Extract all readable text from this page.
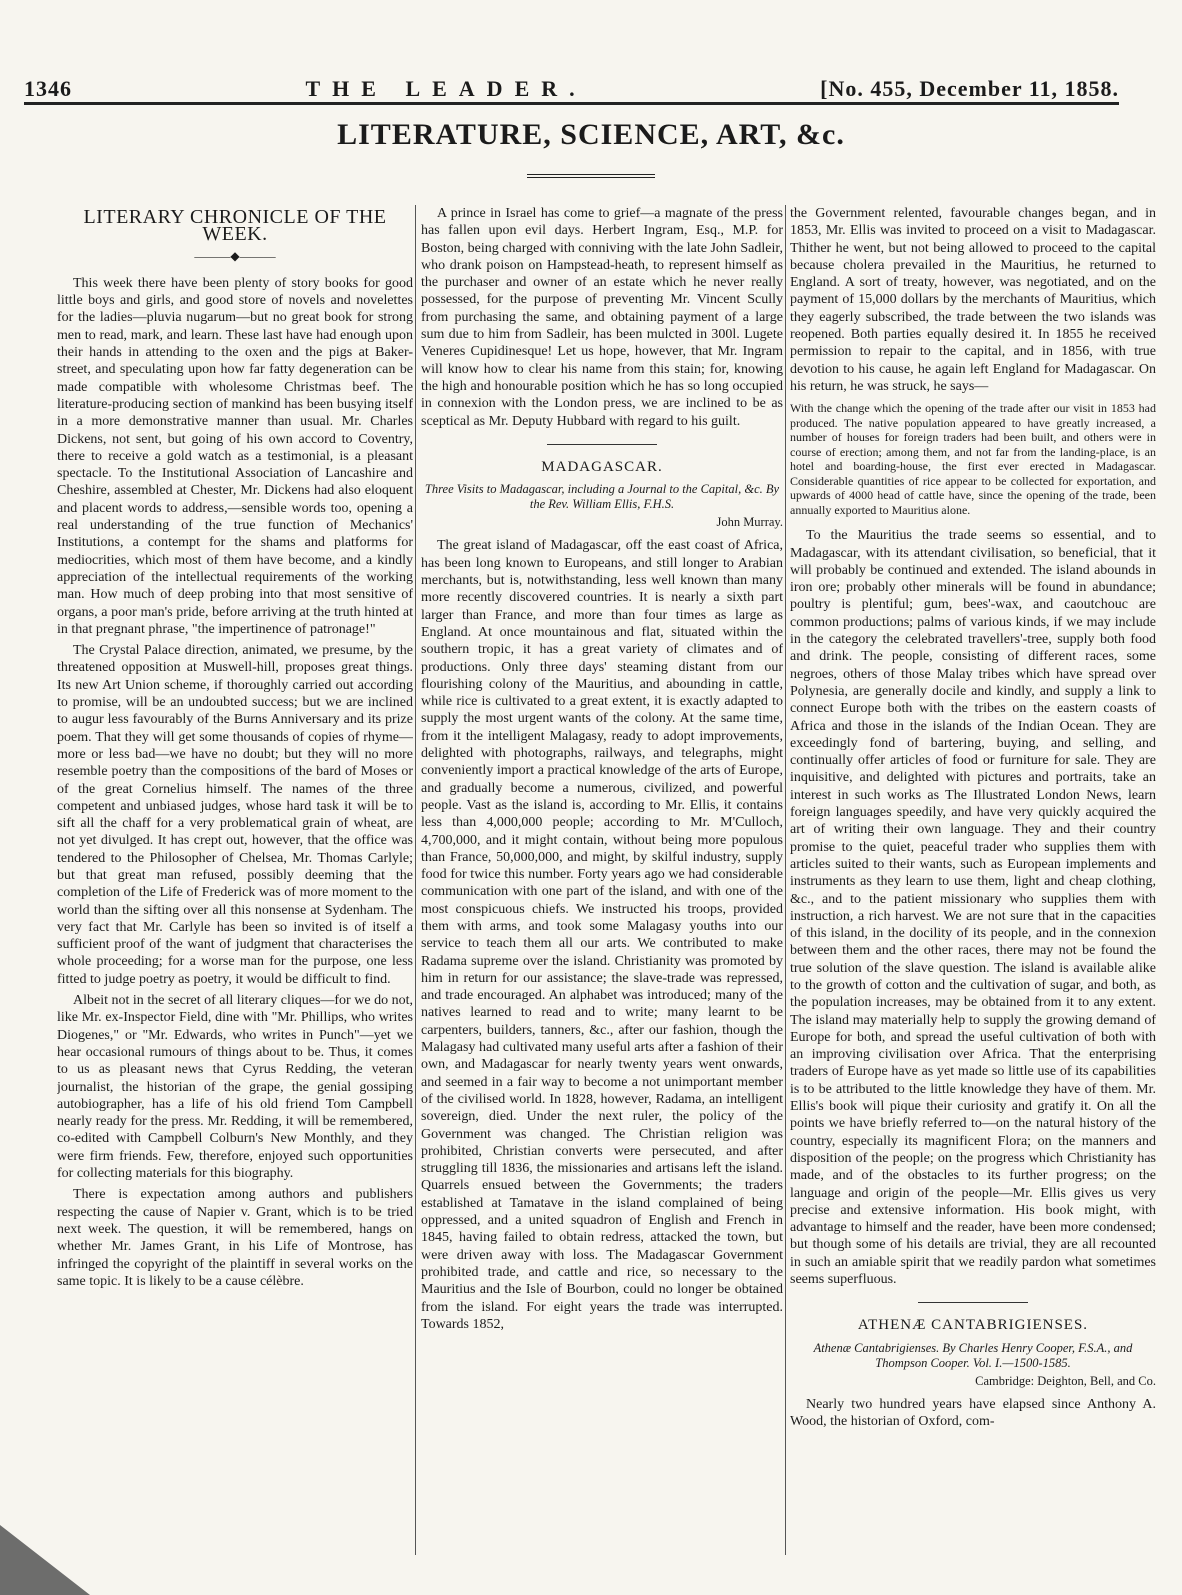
1346	THE LEADER.	[No. 455, December 11, 1858.
LITERATURE, SCIENCE, ART, &c.
LITERARY CHRONICLE OF THE WEEK.
———◆———

This week there have been plenty of story books for good little boys and girls, and good store of novels and novelettes for the ladies—pluvia nugarum—but no great book for strong men to read, mark, and learn. These last have had enough upon their hands in attending to the oxen and the pigs at Baker-street, and speculating upon how far fatty degeneration can be made compatible with wholesome Christmas beef. The literature-producing section of mankind has been busying itself in a more demonstrative manner than usual. Mr. Charles Dickens, not sent, but going of his own accord to Coventry, there to receive a gold watch as a testimonial, is a pleasant spectacle. To the Institutional Association of Lancashire and Cheshire, assembled at Chester, Mr. Dickens had also eloquent and placent words to address,—sensible words too, opening a real understanding of the true function of Mechanics' Institutions, a contempt for the shams and platforms for mediocrities, which most of them have become, and a kindly appreciation of the intellectual requirements of the working man. How much of deep probing into that most sensitive of organs, a poor man's pride, before arriving at the truth hinted at in that pregnant phrase, "the impertinence of patronage!"

The Crystal Palace direction, animated, we presume, by the threatened opposition at Muswell-hill, proposes great things. Its new Art Union scheme, if thoroughly carried out according to promise, will be an undoubted success; but we are inclined to augur less favourably of the Burns Anniversary and its prize poem. That they will get some thousands of copies of rhyme—more or less bad—we have no doubt; but they will no more resemble poetry than the compositions of the bard of Moses or of the great Cornelius himself. The names of the three competent and unbiased judges, whose hard task it will be to sift all the chaff for a very problematical grain of wheat, are not yet divulged. It has crept out, however, that the office was tendered to the Philosopher of Chelsea, Mr. Thomas Carlyle; but that great man refused, possibly deeming that the completion of the Life of Frederick was of more moment to the world than the sifting over all this nonsense at Sydenham. The very fact that Mr. Carlyle has been so invited is of itself a sufficient proof of the want of judgment that characterises the whole proceeding; for a worse man for the purpose, one less fitted to judge poetry as poetry, it would be difficult to find.

Albeit not in the secret of all literary cliques—for we do not, like Mr. ex-Inspector Field, dine with "Mr. Phillips, who writes Diogenes," or "Mr. Edwards, who writes in Punch"—yet we hear occasional rumours of things about to be. Thus, it comes to us as pleasant news that Cyrus Redding, the veteran journalist, the historian of the grape, the genial gossiping autobiographer, has a life of his old friend Tom Campbell nearly ready for the press. Mr. Redding, it will be remembered, co-edited with Campbell Colburn's New Monthly, and they were firm friends. Few, therefore, enjoyed such opportunities for collecting materials for this biography.

There is expectation among authors and publishers respecting the cause of Napier v. Grant, which is to be tried next week. The question, it will be remembered, hangs on whether Mr. James Grant, in his Life of Montrose, has infringed the copyright of the plaintiff in several works on the same topic. It is likely to be a cause célèbre.

A prince in Israel has come to grief—a magnate of the press has fallen upon evil days. Herbert Ingram, Esq., M.P. for Boston, being charged with conniving with the late John Sadleir, who drank poison on Hampstead-heath, to represent himself as the purchaser and owner of an estate which he never really possessed, for the purpose of preventing Mr. Vincent Scully from purchasing the same, and obtaining payment of a large sum due to him from Sadleir, has been mulcted in 300l. Lugete Veneres Cupidinesque! Let us hope, however, that Mr. Ingram will know how to clear his name from this stain; for, knowing the high and honourable position which he has so long occupied in connexion with the London press, we are inclined to be as sceptical as Mr. Deputy Hubbard with regard to his guilt.

MADAGASCAR.
Three Visits to Madagascar, including a Journal to the Capital, &c. By the Rev. William Ellis, F.H.S.
John Murray.

The great island of Madagascar, off the east coast of Africa, has been long known to Europeans, and still longer to Arabian merchants, but is, notwithstanding, less well known than many more recently discovered countries. It is nearly a sixth part larger than France, and more than four times as large as England. At once mountainous and flat, situated within the southern tropic, it has a great variety of climates and of productions. Only three days' steaming distant from our flourishing colony of the Mauritius, and abounding in cattle, while rice is cultivated to a great extent, it is exactly adapted to supply the most urgent wants of the colony. At the same time, from it the intelligent Malagasy, ready to adopt improvements, delighted with photographs, railways, and telegraphs, might conveniently import a practical knowledge of the arts of Europe, and gradually become a numerous, civilized, and powerful people. Vast as the island is, according to Mr. Ellis, it contains less than 4,000,000 people; according to Mr. M'Culloch, 4,700,000, and it might contain, without being more populous than France, 50,000,000, and might, by skilful industry, supply food for twice this number. Forty years ago we had considerable communication with one part of the island, and with one of the most conspicuous chiefs. We instructed his troops, provided them with arms, and took some Malagasy youths into our service to teach them all our arts. We contributed to make Radama supreme over the island. Christianity was promoted by him in return for our assistance; the slave-trade was repressed, and trade encouraged. An alphabet was introduced; many of the natives learned to read and to write; many learnt to be carpenters, builders, tanners, &c., after our fashion, though the Malagasy had cultivated many useful arts after a fashion of their own, and Madagascar for nearly twenty years went onwards, and seemed in a fair way to become a not unimportant member of the civilised world. In 1828, however, Radama, an intelligent sovereign, died. Under the next ruler, the policy of the Government was changed. The Christian religion was prohibited, Christian converts were persecuted, and after struggling till 1836, the missionaries and artisans left the island. Quarrels ensued between the Governments; the traders established at Tamatave in the island complained of being oppressed, and a united squadron of English and French in 1845, having failed to obtain redress, attacked the town, but were driven away with loss. The Madagascar Government prohibited trade, and cattle and rice, so necessary to the Mauritius and the Isle of Bourbon, could no longer be obtained from the island. For eight years the trade was interrupted. Towards 1852,

the Government relented, favourable changes began, and in 1853, Mr. Ellis was invited to proceed on a visit to Madagascar. Thither he went, but not being allowed to proceed to the capital because cholera prevailed in the Mauritius, he returned to England. A sort of treaty, however, was negotiated, and on the payment of 15,000 dollars by the merchants of Mauritius, which they eagerly subscribed, the trade between the two islands was reopened. Both parties equally desired it. In 1855 he received permission to repair to the capital, and in 1856, with true devotion to his cause, he again left England for Madagascar. On his return, he was struck, he says—

With the change which the opening of the trade after our visit in 1853 had produced. The native population appeared to have greatly increased, a number of houses for foreign traders had been built, and others were in course of erection; among them, and not far from the landing-place, is an hotel and boarding-house, the first ever erected in Madagascar. Considerable quantities of rice appear to be collected for exportation, and upwards of 4000 head of cattle have, since the opening of the trade, been annually exported to Mauritius alone.

To the Mauritius the trade seems so essential, and to Madagascar, with its attendant civilisation, so beneficial, that it will probably be continued and extended. The island abounds in iron ore; probably other minerals will be found in abundance; poultry is plentiful; gum, bees'-wax, and caoutchouc are common productions; palms of various kinds, if we may include in the category the celebrated travellers'-tree, supply both food and drink. The people, consisting of different races, some negroes, others of those Malay tribes which have spread over Polynesia, are generally docile and kindly, and supply a link to connect Europe both with the tribes on the eastern coasts of Africa and those in the islands of the Indian Ocean. They are exceedingly fond of bartering, buying, and selling, and continually offer articles of food or furniture for sale. They are inquisitive, and delighted with pictures and portraits, take an interest in such works as The Illustrated London News, learn foreign languages speedily, and have very quickly acquired the art of writing their own language. They and their country promise to the quiet, peaceful trader who supplies them with articles suited to their wants, such as European implements and instruments as they learn to use them, light and cheap clothing, &c., and to the patient missionary who supplies them with instruction, a rich harvest. We are not sure that in the capacities of this island, in the docility of its people, and in the connexion between them and the other races, there may not be found the true solution of the slave question. The island is available alike to the growth of cotton and the cultivation of sugar, and both, as the population increases, may be obtained from it to any extent. The island may materially help to supply the growing demand of Europe for both, and spread the useful cultivation of both with an improving civilisation over Africa. That the enterprising traders of Europe have as yet made so little use of its capabilities is to be attributed to the little knowledge they have of them. Mr. Ellis's book will pique their curiosity and gratify it. On all the points we have briefly referred to—on the natural history of the country, especially its magnificent Flora; on the manners and disposition of the people; on the progress which Christianity has made, and of the obstacles to its further progress; on the language and origin of the people—Mr. Ellis gives us very precise and extensive information. His book might, with advantage to himself and the reader, have been more condensed; but though some of his details are trivial, they are all recounted in such an amiable spirit that we readily pardon what sometimes seems superfluous.

ATHENÆ CANTABRIGIENSES.
Athenæ Cantabrigienses. By Charles Henry Cooper, F.S.A., and Thompson Cooper. Vol. I.—1500-1585.
Cambridge: Deighton, Bell, and Co.

Nearly two hundred years have elapsed since Anthony A. Wood, the historian of Oxford, com-
